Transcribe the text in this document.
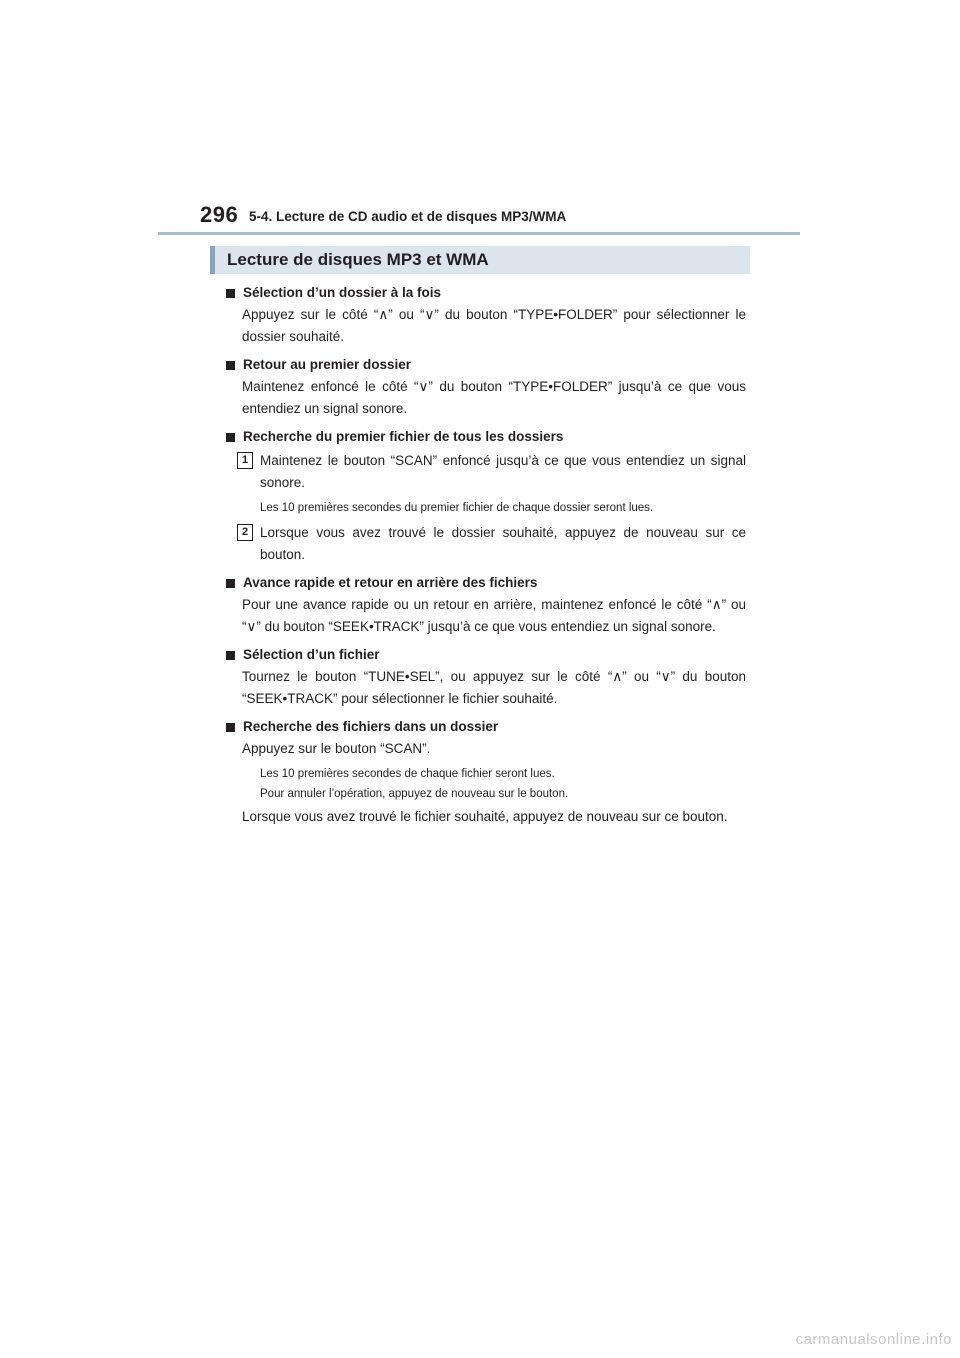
296 5-4. Lecture de CD audio et de disques MP3/WMA
Lecture de disques MP3 et WMA
Sélection d’un dossier à la fois
Appuyez sur le côté “∧” ou “∨” du bouton “TYPE•FOLDER” pour sélectionner le dossier souhaité.
Retour au premier dossier
Maintenez enfoncé le côté “∨” du bouton “TYPE•FOLDER” jusqu’à ce que vous entendiez un signal sonore.
Recherche du premier fichier de tous les dossiers
1 Maintenez le bouton “SCAN” enfoncé jusqu’à ce que vous entendiez un signal sonore.
Les 10 premières secondes du premier fichier de chaque dossier seront lues.
2 Lorsque vous avez trouvé le dossier souhaité, appuyez de nouveau sur ce bouton.
Avance rapide et retour en arrière des fichiers
Pour une avance rapide ou un retour en arrière, maintenez enfoncé le côté “∧” ou “∨” du bouton “SEEK•TRACK” jusqu’à ce que vous entendiez un signal sonore.
Sélection d’un fichier
Tournez le bouton “TUNE•SEL”, ou appuyez sur le côté “∧” ou “∨” du bouton “SEEK•TRACK” pour sélectionner le fichier souhaité.
Recherche des fichiers dans un dossier
Appuyez sur le bouton “SCAN”.
Les 10 premières secondes de chaque fichier seront lues.
Pour annuler l’opération, appuyez de nouveau sur le bouton.
Lorsque vous avez trouvé le fichier souhaité, appuyez de nouveau sur ce bouton.
carmanualsonline.info
